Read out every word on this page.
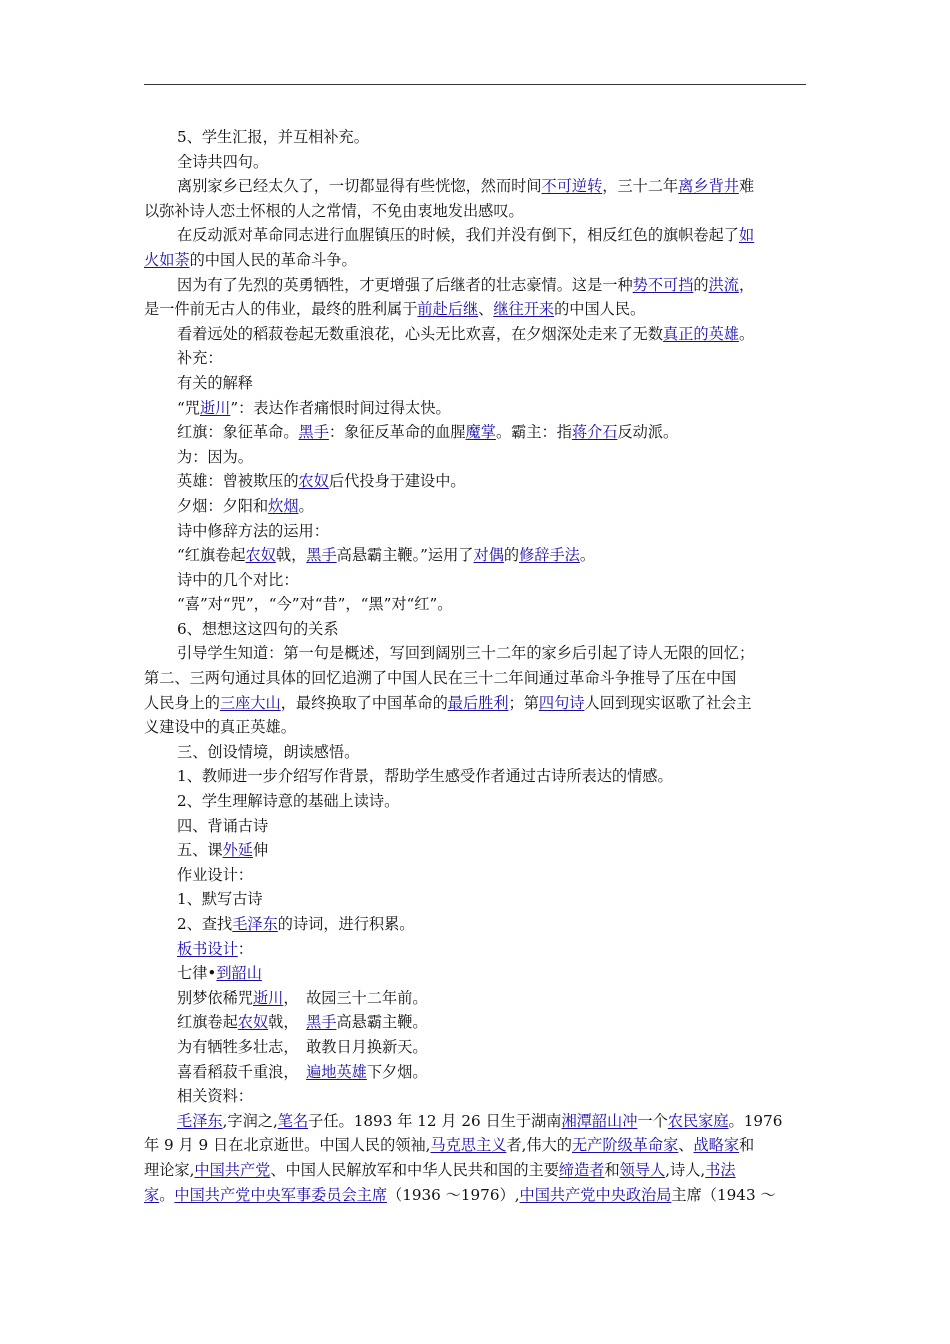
5、学生汇报，并互相补充。
全诗共四句。
离别家乡已经太久了，一切都显得有些恍惚，然而时间不可逆转，三十二年离乡背井难
以弥补诗人恋土怀根的人之常情，不免由衷地发出感叹。
在反动派对革命同志进行血腥镇压的时候，我们并没有倒下，相反红色的旗帜卷起了如
火如荼的中国人民的革命斗争。
因为有了先烈的英勇牺牲，才更增强了后继者的壮志豪情。这是一种势不可挡的洪流，
是一件前无古人的伟业，最终的胜利属于前赴后继、继往开来的中国人民。
看着远处的稻菽卷起无数重浪花，心头无比欢喜，在夕烟深处走来了无数真正的英雄。
补充：
有关的解释
“咒逝川”：表达作者痛恨时间过得太快。
红旗：象征革命。黑手：象征反革命的血腥魔掌。霸主：指蒋介石反动派。
为：因为。
英雄：曾被欺压的农奴后代投身于建设中。
夕烟：夕阳和炊烟。
诗中修辞方法的运用：
“红旗卷起农奴戟，黑手高悬霸主鞭。”运用了对偶的修辞手法。
诗中的几个对比：
“喜”对“咒”，“今”对“昔”，“黑”对“红”。
6、想想这这四句的关系
引导学生知道：第一句是概述，写回到阔别三十二年的家乡后引起了诗人无限的回忆；
第二、三两句通过具体的回忆追溯了中国人民在三十二年间通过革命斗争推导了压在中国
人民身上的三座大山，最终换取了中国革命的最后胜利；第四句诗人回到现实讴歌了社会主
义建设中的真正英雄。
三、创设情境，朗读感悟。
1、教师进一步介绍写作背景，帮助学生感受作者通过古诗所表达的情感。
2、学生理解诗意的基础上读诗。
四、背诵古诗
五、课外延伸
作业设计：
1、默写古诗
2、查找毛泽东的诗词，进行积累。
板书设计：
七律•到韶山
别梦依稀咒逝川，　故园三十二年前。
红旗卷起农奴戟，　黑手高悬霸主鞭。
为有牺牲多壮志，　敢教日月换新天。
喜看稻菽千重浪，　遍地英雄下夕烟。
相关资料：
毛泽东,字润之,笔名子任。1893 年 12 月 26 日生于湖南湘潭韶山冲一个农民家庭。1976
年 9 月 9 日在北京逝世。中国人民的领袖,马克思主义者,伟大的无产阶级革命家、战略家和
理论家,中国共产党、中国人民解放军和中华人民共和国的主要缔造者和领导人,诗人,书法
家。中国共产党中央军事委员会主席（1936 ～1976）,中国共产党中央政治局主席（1943 ～
